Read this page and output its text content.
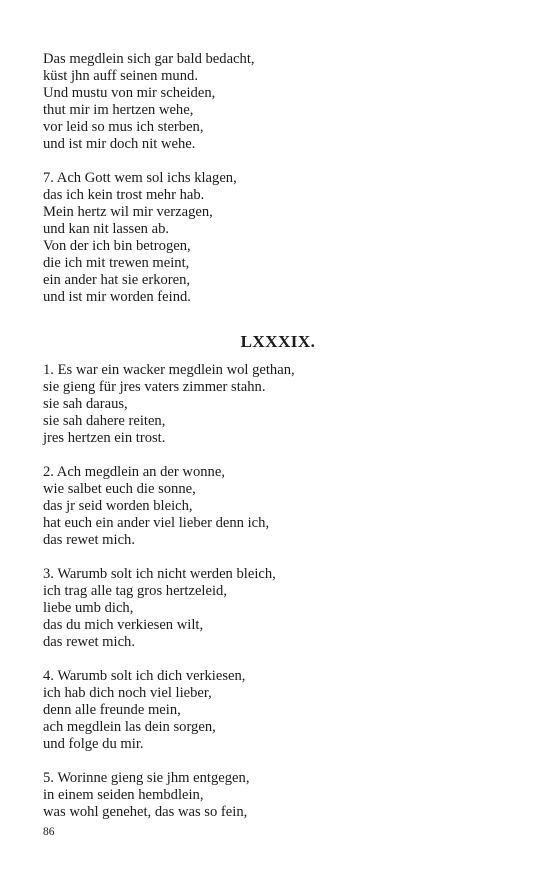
Das megdlein sich gar bald bedacht,
küst jhn auff seinen mund.
Und mustu von mir scheiden,
thut mir im hertzen wehe,
vor leid so mus ich sterben,
und ist mir doch nit wehe.
7. Ach Gott wem sol ichs klagen,
das ich kein trost mehr hab.
Mein hertz wil mir verzagen,
und kan nit lassen ab.
Von der ich bin betrogen,
die ich mit trewen meint,
ein ander hat sie erkoren,
und ist mir worden feind.
LXXXIX.
1. Es war ein wacker megdlein wol gethan,
sie gieng für jres vaters zimmer stahn.
sie sah daraus,
sie sah dahere reiten,
jres hertzen ein trost.
2. Ach megdlein an der wonne,
wie salbet euch die sonne,
das jr seid worden bleich,
hat euch ein ander viel lieber denn ich,
das rewet mich.
3. Warumb solt ich nicht werden bleich,
ich trag alle tag gros hertzeleid,
liebe umb dich,
das du mich verkiesen wilt,
das rewet mich.
4. Warumb solt ich dich verkiesen,
ich hab dich noch viel lieber,
denn alle freunde mein,
ach megdlein las dein sorgen,
und folge du mir.
5. Worinne gieng sie jhm entgegen,
in einem seiden hembdlein,
was wohl genehet, das was so fein,
86
